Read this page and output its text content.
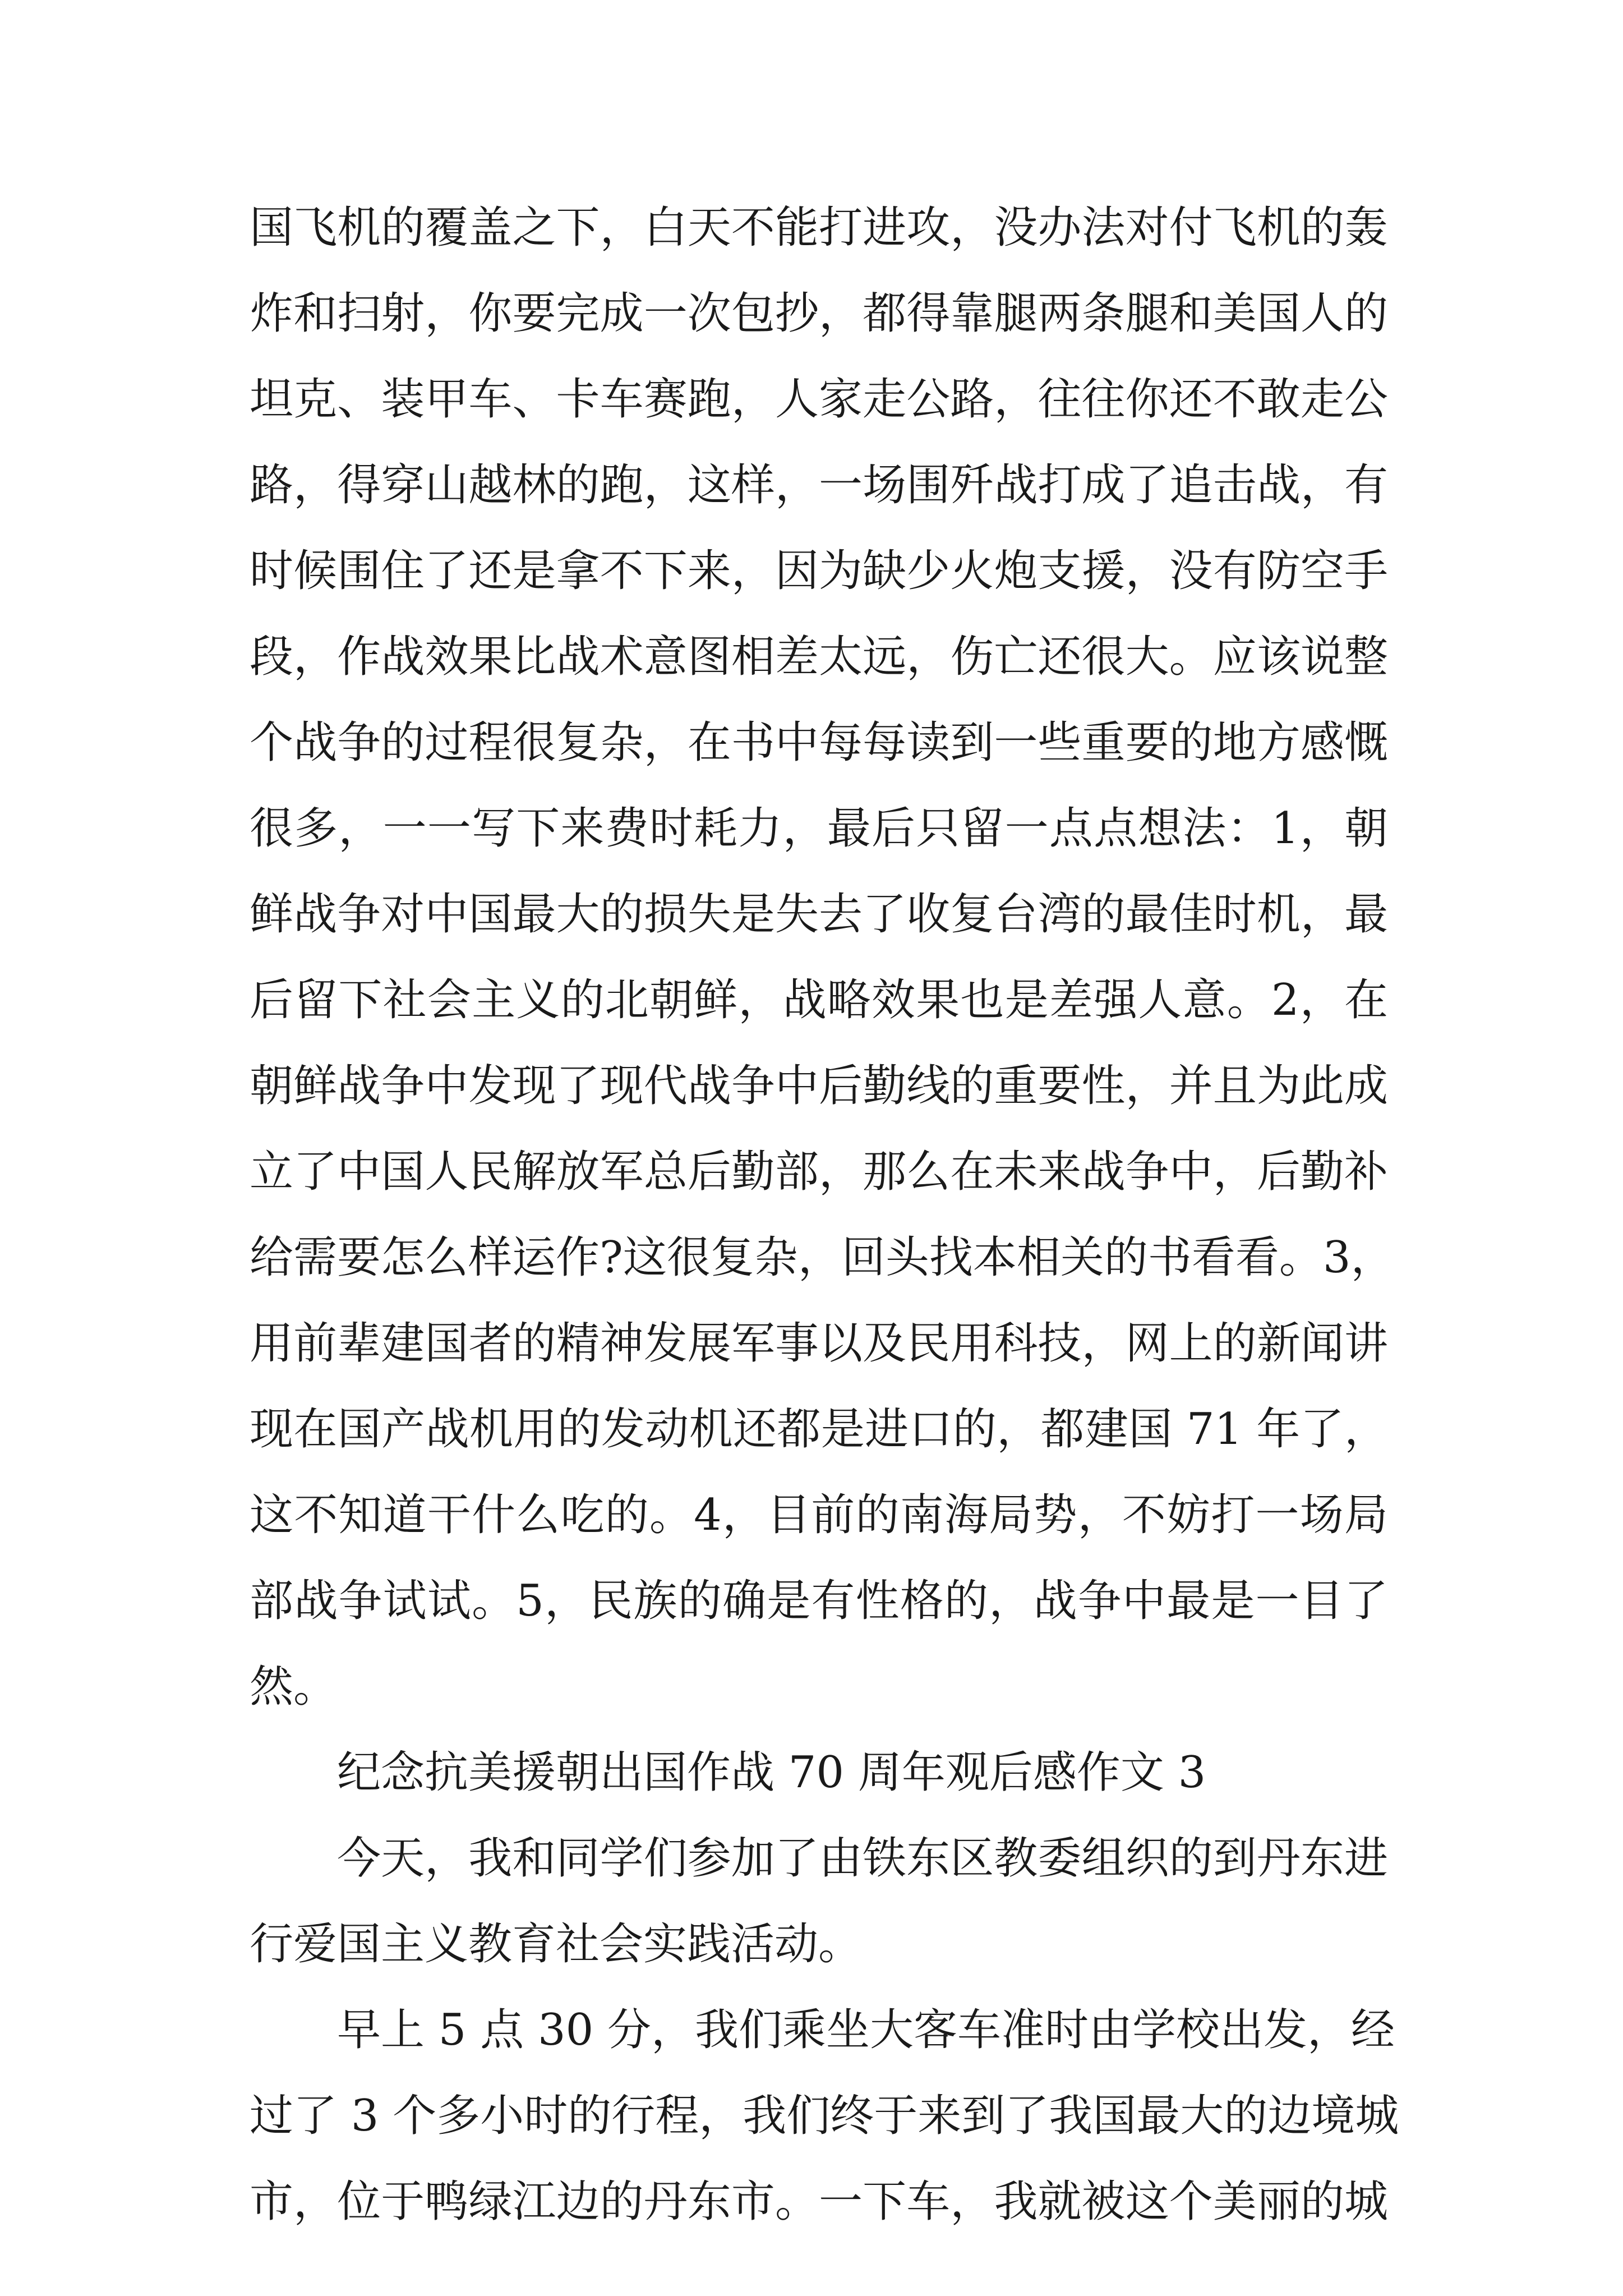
国飞机的覆盖之下，白天不能打进攻，没办法对付飞机的轰
炸和扫射，你要完成一次包抄，都得靠腿两条腿和美国人的
坦克、装甲车、卡车赛跑，人家走公路，往往你还不敢走公
路，得穿山越林的跑，这样，一场围歼战打成了追击战，有
时候围住了还是拿不下来，因为缺少火炮支援，没有防空手
段，作战效果比战术意图相差太远，伤亡还很大。应该说整
个战争的过程很复杂，在书中每每读到一些重要的地方感慨
很多，一一写下来费时耗力，最后只留一点点想法：1，朝
鲜战争对中国最大的损失是失去了收复台湾的最佳时机，最
后留下社会主义的北朝鲜，战略效果也是差强人意。2，在
朝鲜战争中发现了现代战争中后勤线的重要性，并且为此成
立了中国人民解放军总后勤部，那么在未来战争中，后勤补
给需要怎么样运作?这很复杂，回头找本相关的书看看。3，
用前辈建国者的精神发展军事以及民用科技，网上的新闻讲
现在国产战机用的发动机还都是进口的，都建国 71 年了，
这不知道干什么吃的。4，目前的南海局势，不妨打一场局
部战争试试。5，民族的确是有性格的，战争中最是一目了
然。
纪念抗美援朝出国作战 70 周年观后感作文 3
今天，我和同学们参加了由铁东区教委组织的到丹东进
行爱国主义教育社会实践活动。
早上 5 点 30 分，我们乘坐大客车准时由学校出发，经
过了 3 个多小时的行程，我们终于来到了我国最大的边境城
市，位于鸭绿江边的丹东市。一下车，我就被这个美丽的城
